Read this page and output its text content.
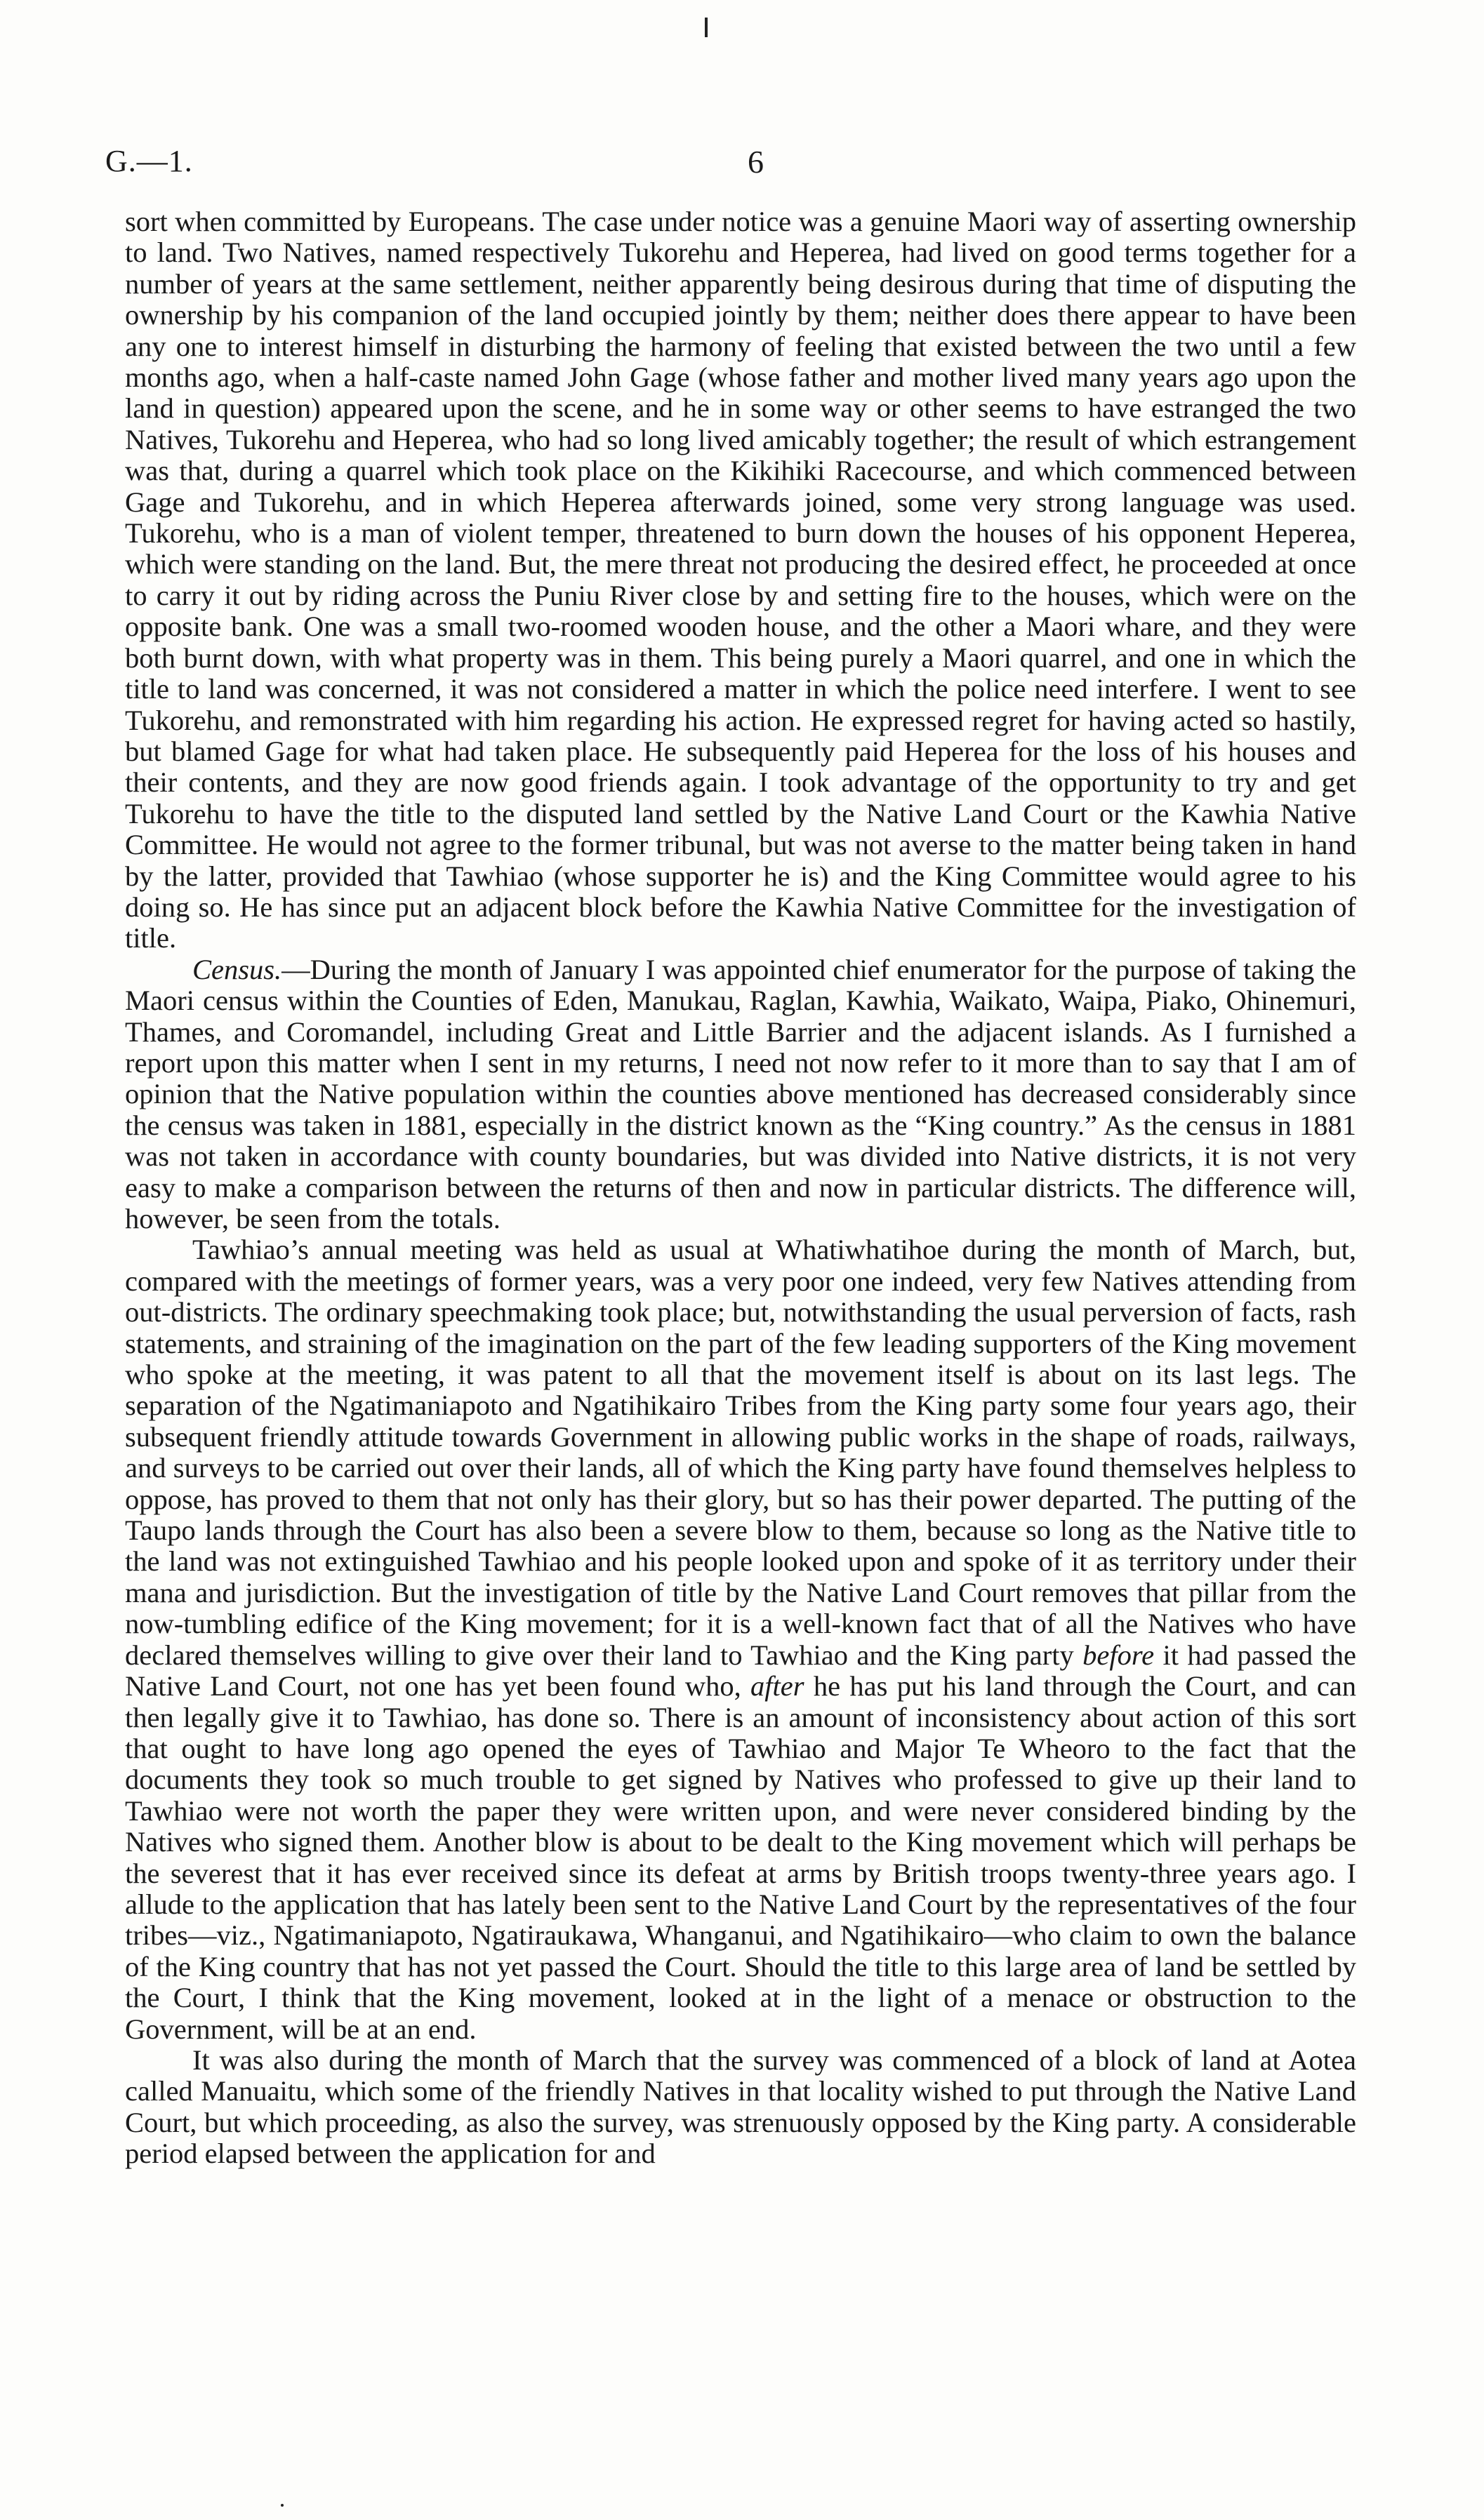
G.—1.	6

sort when committed by Europeans. The case under notice was a genuine Maori way of asserting ownership to land. Two Natives, named respectively Tukorehu and Heperea, had lived on good terms together for a number of years at the same settlement, neither apparently being desirous during that time of disputing the ownership by his companion of the land occupied jointly by them; neither does there appear to have been any one to interest himself in disturbing the harmony of feeling that existed between the two until a few months ago, when a half-caste named John Gage (whose father and mother lived many years ago upon the land in question) appeared upon the scene, and he in some way or other seems to have estranged the two Natives, Tukorehu and Heperea, who had so long lived amicably together; the result of which estrangement was that, during a quarrel which took place on the Kikihiki Racecourse, and which commenced between Gage and Tukorehu, and in which Heperea afterwards joined, some very strong language was used. Tukorehu, who is a man of violent temper, threatened to burn down the houses of his opponent Heperea, which were standing on the land. But, the mere threat not producing the desired effect, he proceeded at once to carry it out by riding across the Puniu River close by and setting fire to the houses, which were on the opposite bank. One was a small two-roomed wooden house, and the other a Maori whare, and they were both burnt down, with what property was in them. This being purely a Maori quarrel, and one in which the title to land was concerned, it was not considered a matter in which the police need interfere. I went to see Tukorehu, and remonstrated with him regarding his action. He expressed regret for having acted so hastily, but blamed Gage for what had taken place. He subsequently paid Heperea for the loss of his houses and their contents, and they are now good friends again. I took advantage of the opportunity to try and get Tukorehu to have the title to the disputed land settled by the Native Land Court or the Kawhia Native Committee. He would not agree to the former tribunal, but was not averse to the matter being taken in hand by the latter, provided that Tawhiao (whose supporter he is) and the King Committee would agree to his doing so. He has since put an adjacent block before the Kawhia Native Committee for the investigation of title.

Census.—During the month of January I was appointed chief enumerator for the purpose of taking the Maori census within the Counties of Eden, Manukau, Raglan, Kawhia, Waikato, Waipa, Piako, Ohinemuri, Thames, and Coromandel, including Great and Little Barrier and the adjacent islands. As I furnished a report upon this matter when I sent in my returns, I need not now refer to it more than to say that I am of opinion that the Native population within the counties above mentioned has decreased considerably since the census was taken in 1881, especially in the district known as the “King country.” As the census in 1881 was not taken in accordance with county boundaries, but was divided into Native districts, it is not very easy to make a comparison between the returns of then and now in particular districts. The difference will, however, be seen from the totals.

Tawhiao’s annual meeting was held as usual at Whatiwhatihoe during the month of March, but, compared with the meetings of former years, was a very poor one indeed, very few Natives attending from out-districts. The ordinary speechmaking took place; but, notwithstanding the usual perversion of facts, rash statements, and straining of the imagination on the part of the few leading supporters of the King movement who spoke at the meeting, it was patent to all that the movement itself is about on its last legs. The separation of the Ngatimaniapoto and Ngatihikairo Tribes from the King party some four years ago, their subsequent friendly attitude towards Government in allowing public works in the shape of roads, railways, and surveys to be carried out over their lands, all of which the King party have found themselves helpless to oppose, has proved to them that not only has their glory, but so has their power departed. The putting of the Taupo lands through the Court has also been a severe blow to them, because so long as the Native title to the land was not extinguished Tawhiao and his people looked upon and spoke of it as territory under their mana and jurisdiction. But the investigation of title by the Native Land Court removes that pillar from the now-tumbling edifice of the King movement; for it is a well-known fact that of all the Natives who have declared themselves willing to give over their land to Tawhiao and the King party before it had passed the Native Land Court, not one has yet been found who, after he has put his land through the Court, and can then legally give it to Tawhiao, has done so. There is an amount of inconsistency about action of this sort that ought to have long ago opened the eyes of Tawhiao and Major Te Wheoro to the fact that the documents they took so much trouble to get signed by Natives who professed to give up their land to Tawhiao were not worth the paper they were written upon, and were never considered binding by the Natives who signed them. Another blow is about to be dealt to the King movement which will perhaps be the severest that it has ever received since its defeat at arms by British troops twenty-three years ago. I allude to the application that has lately been sent to the Native Land Court by the representatives of the four tribes—viz., Ngatimaniapoto, Ngatiraukawa, Whanganui, and Ngatihikairo—who claim to own the balance of the King country that has not yet passed the Court. Should the title to this large area of land be settled by the Court, I think that the King movement, looked at in the light of a menace or obstruction to the Government, will be at an end.

It was also during the month of March that the survey was commenced of a block of land at Aotea called Manuaitu, which some of the friendly Natives in that locality wished to put through the Native Land Court, but which proceeding, as also the survey, was strenuously opposed by the King party. A considerable period elapsed between the application for and
